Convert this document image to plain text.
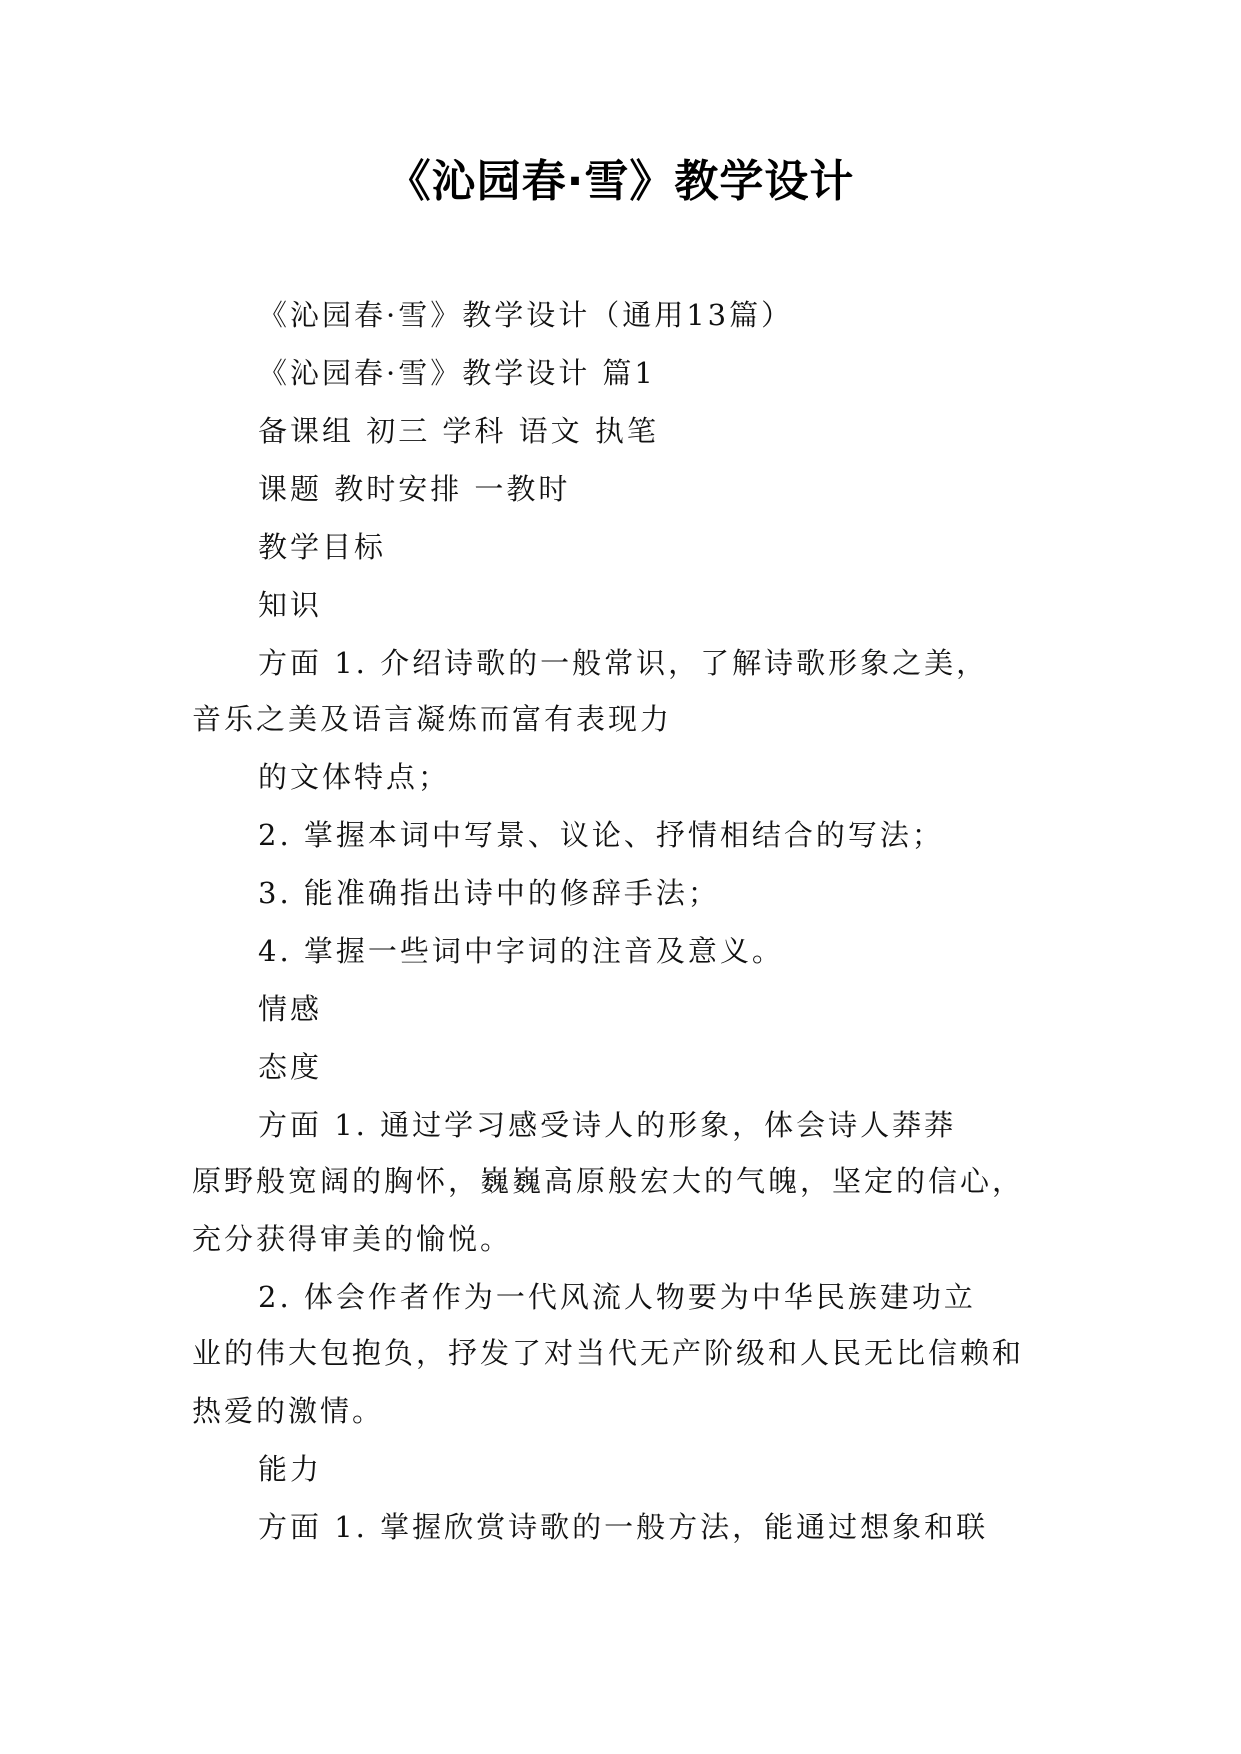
《沁园春·雪》教学设计
《沁园春·雪》教学设计（通用13篇）
《沁园春·雪》教学设计 篇1
备课组 初三 学科 语文 执笔
课题 教时安排 一教时
教学目标
知识
方面 1. 介绍诗歌的一般常识，了解诗歌形象之美，
音乐之美及语言凝炼而富有表现力
的文体特点；
2. 掌握本词中写景、议论、抒情相结合的写法；
3. 能准确指出诗中的修辞手法；
4. 掌握一些词中字词的注音及意义。
情感
态度
方面 1. 通过学习感受诗人的形象，体会诗人莽莽
原野般宽阔的胸怀，巍巍高原般宏大的气魄，坚定的信心，
充分获得审美的愉悦。
2. 体会作者作为一代风流人物要为中华民族建功立
业的伟大包抱负，抒发了对当代无产阶级和人民无比信赖和
热爱的激情。
能力
方面 1. 掌握欣赏诗歌的一般方法，能通过想象和联
